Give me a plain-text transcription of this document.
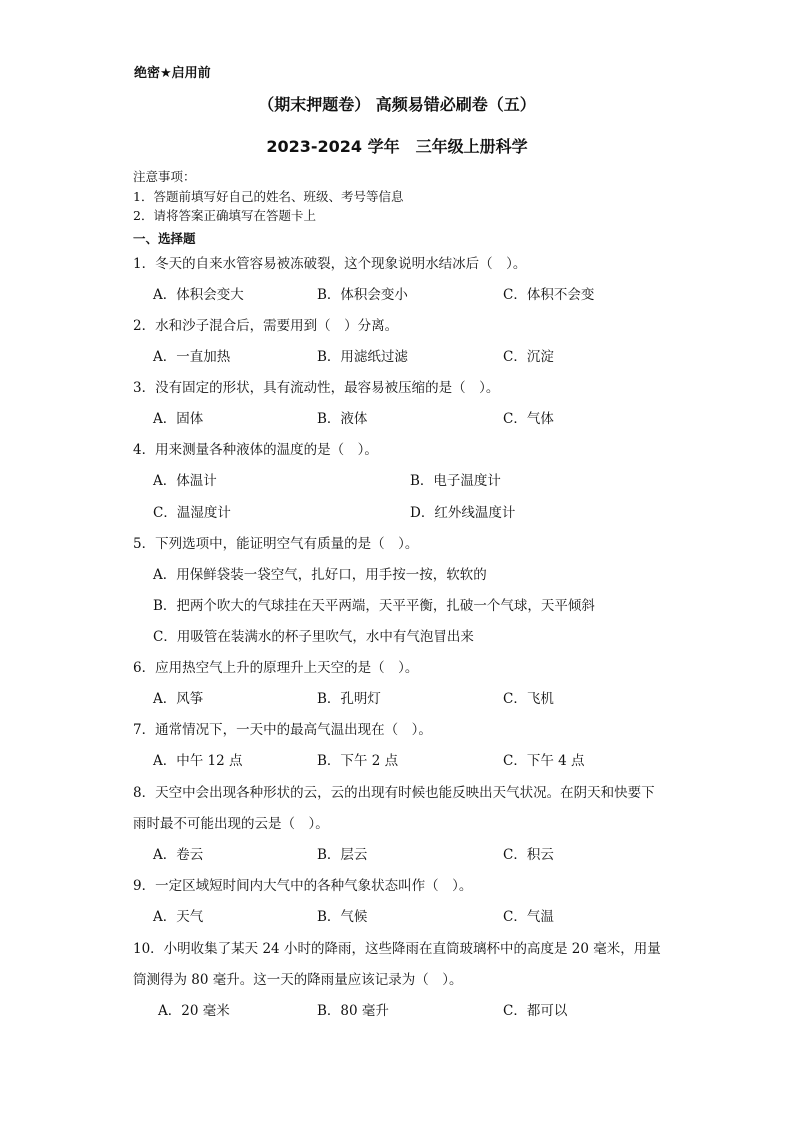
绝密★启用前
（期末押题卷） 高频易错必刷卷（五）
2023-2024 学年　三年级上册科学
注意事项：
1．答题前填写好自己的姓名、班级、考号等信息
2．请将答案正确填写在答题卡上
一、选择题
1．冬天的自来水管容易被冻破裂，这个现象说明水结冰后（　）。
A．体积会变大	B．体积会变小	C．体积不会变
2．水和沙子混合后，需要用到（　）分离。
A．一直加热	B．用滤纸过滤	C．沉淀
3．没有固定的形状，具有流动性，最容易被压缩的是（　）。
A．固体	B．液体	C．气体
4．用来测量各种液体的温度的是（　）。
A．体温计	B．电子温度计
C．温湿度计	D．红外线温度计
5．下列选项中，能证明空气有质量的是（　）。
A．用保鲜袋装一袋空气，扎好口，用手按一按，软软的
B．把两个吹大的气球挂在天平两端，天平平衡，扎破一个气球，天平倾斜
C．用吸管在装满水的杯子里吹气，水中有气泡冒出来
6．应用热空气上升的原理升上天空的是（　）。
A．风筝	B．孔明灯	C．飞机
7．通常情况下，一天中的最高气温出现在（　）。
A．中午 12 点	B．下午 2 点	C．下午 4 点
8．天空中会出现各种形状的云，云的出现有时候也能反映出天气状况。在阴天和快要下雨时最不可能出现的云是（　）。
A．卷云	B．层云	C．积云
9．一定区域短时间内大气中的各种气象状态叫作（　）。
A．天气	B．气候	C．气温
10．小明收集了某天 24 小时的降雨，这些降雨在直筒玻璃杯中的高度是 20 毫米，用量筒测得为 80 毫升。这一天的降雨量应该记录为（　）。
A．20 毫米	B．80 毫升	C．都可以
